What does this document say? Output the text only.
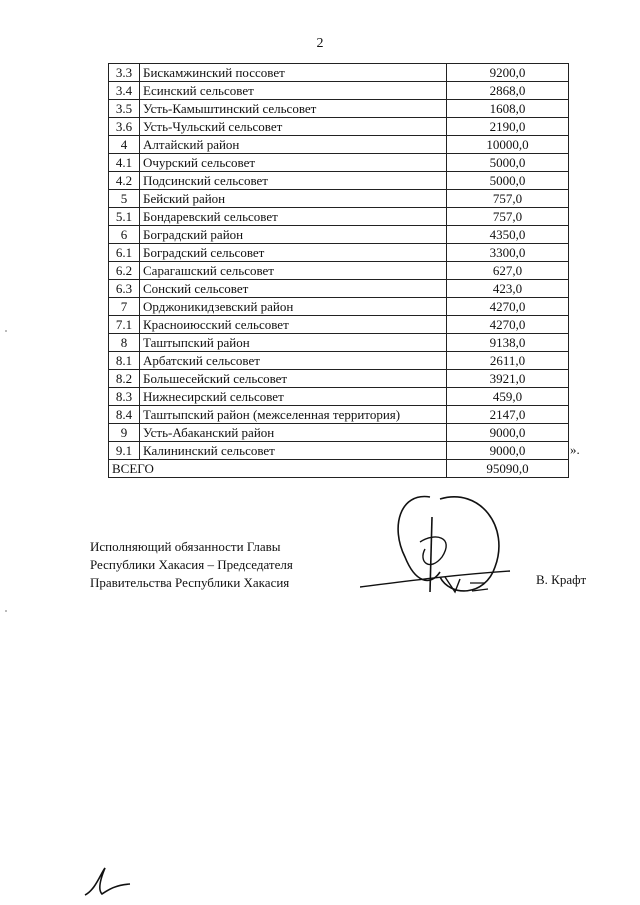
2
3.3	Бискамжинский поссовет	9200,0
3.4	Есинский сельсовет	2868,0
3.5	Усть-Камыштинский сельсовет	1608,0
3.6	Усть-Чульский сельсовет	2190,0
4	Алтайский район	10000,0
4.1	Очурский сельсовет	5000,0
4.2	Подсинский сельсовет	5000,0
5	Бейский район	757,0
5.1	Бондаревский сельсовет	757,0
6	Боградский район	4350,0
6.1	Боградский сельсовет	3300,0
6.2	Сарагашский сельсовет	627,0
6.3	Сонский сельсовет	423,0
7	Орджоникидзевский район	4270,0
7.1	Красноиюсский сельсовет	4270,0
8	Таштыпский район	9138,0
8.1	Арбатский сельсовет	2611,0
8.2	Большесейский сельсовет	3921,0
8.3	Нижнесирский сельсовет	459,0
8.4	Таштыпский район (межселенная территория)	2147,0
9	Усть-Абаканский район	9000,0
9.1	Калининский сельсовет	9000,0
ВСЕГО		95090,0
».
Исполняющий обязанности Главы
Республики Хакасия – Председателя
Правительства Республики Хакасия	В. Крафт
